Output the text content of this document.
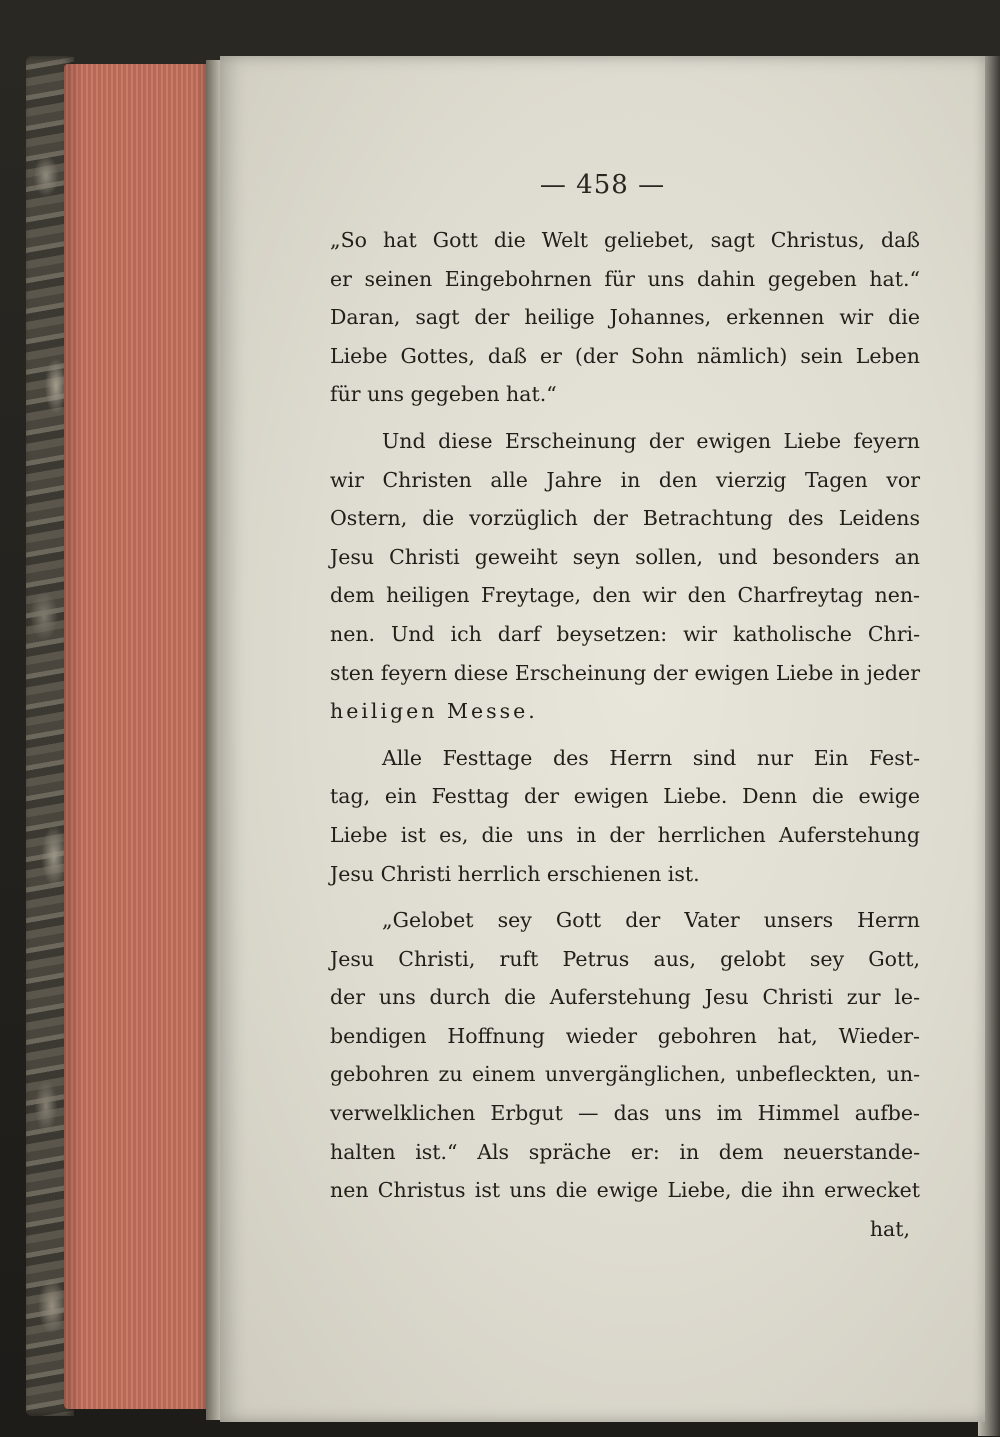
— 458 —
„So hat Gott die Welt geliebet, sagt Christus, daß
er seinen Eingebohrnen für uns dahin gegeben hat.“
Daran, sagt der heilige Johannes, erkennen wir die
Liebe Gottes, daß er (der Sohn nämlich) sein Leben
für uns gegeben hat.“
Und diese Erscheinung der ewigen Liebe feyern
wir Christen alle Jahre in den vierzig Tagen vor
Ostern, die vorzüglich der Betrachtung des Leidens
Jesu Christi geweiht seyn sollen, und besonders an
dem heiligen Freytage, den wir den Charfreytag nen-
nen. Und ich darf beysetzen: wir katholische Chri-
sten feyern diese Erscheinung der ewigen Liebe in jeder
heiligen Messe.
Alle Festtage des Herrn sind nur Ein Fest-
tag, ein Festtag der ewigen Liebe. Denn die ewige
Liebe ist es, die uns in der herrlichen Auferstehung
Jesu Christi herrlich erschienen ist.
„Gelobet sey Gott der Vater unsers Herrn
Jesu Christi, ruft Petrus aus, gelobt sey Gott,
der uns durch die Auferstehung Jesu Christi zur le-
bendigen Hoffnung wieder gebohren hat, Wieder-
gebohren zu einem unvergänglichen, unbefleckten, un-
verwelklichen Erbgut — das uns im Himmel aufbe-
halten ist.“ Als spräche er: in dem neuerstande-
nen Christus ist uns die ewige Liebe, die ihn erwecket
hat,
